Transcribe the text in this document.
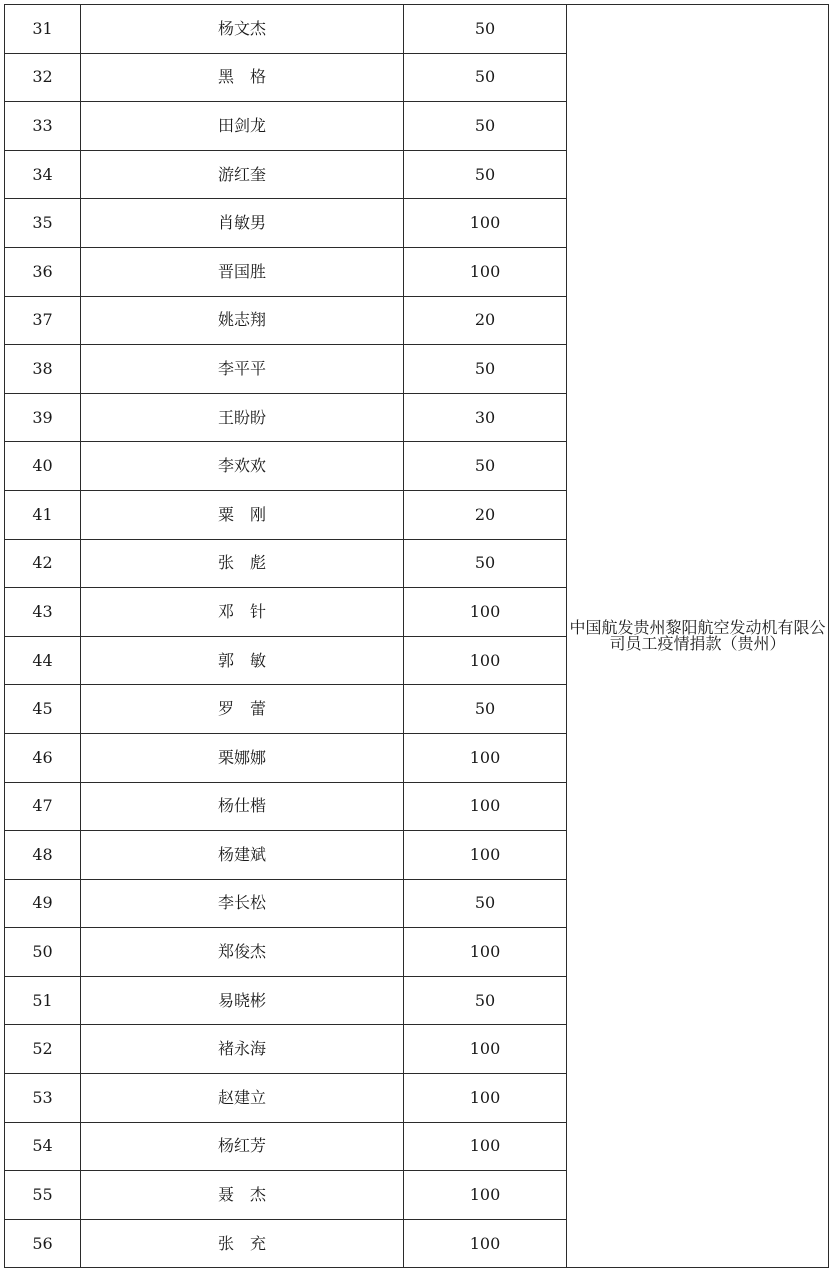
31	杨文杰	50	中国航发贵州黎阳航空发动机有限公司员工疫情捐款（贵州）
32	黑　格	50	
33	田剑龙	50	
34	游红奎	50	
35	肖敏男	100	
36	晋国胜	100	
37	姚志翔	20	
38	李平平	50	
39	王盼盼	30	
40	李欢欢	50	
41	粟　刚	20	
42	张　彪	50	
43	邓　针	100	
44	郭　敏	100	
45	罗　蕾	50	
46	栗娜娜	100	
47	杨仕楷	100	
48	杨建斌	100	
49	李长松	50	
50	郑俊杰	100	
51	易晓彬	50	
52	褚永海	100	
53	赵建立	100	
54	杨红芳	100	
55	聂　杰	100	
56	张　充	100	
